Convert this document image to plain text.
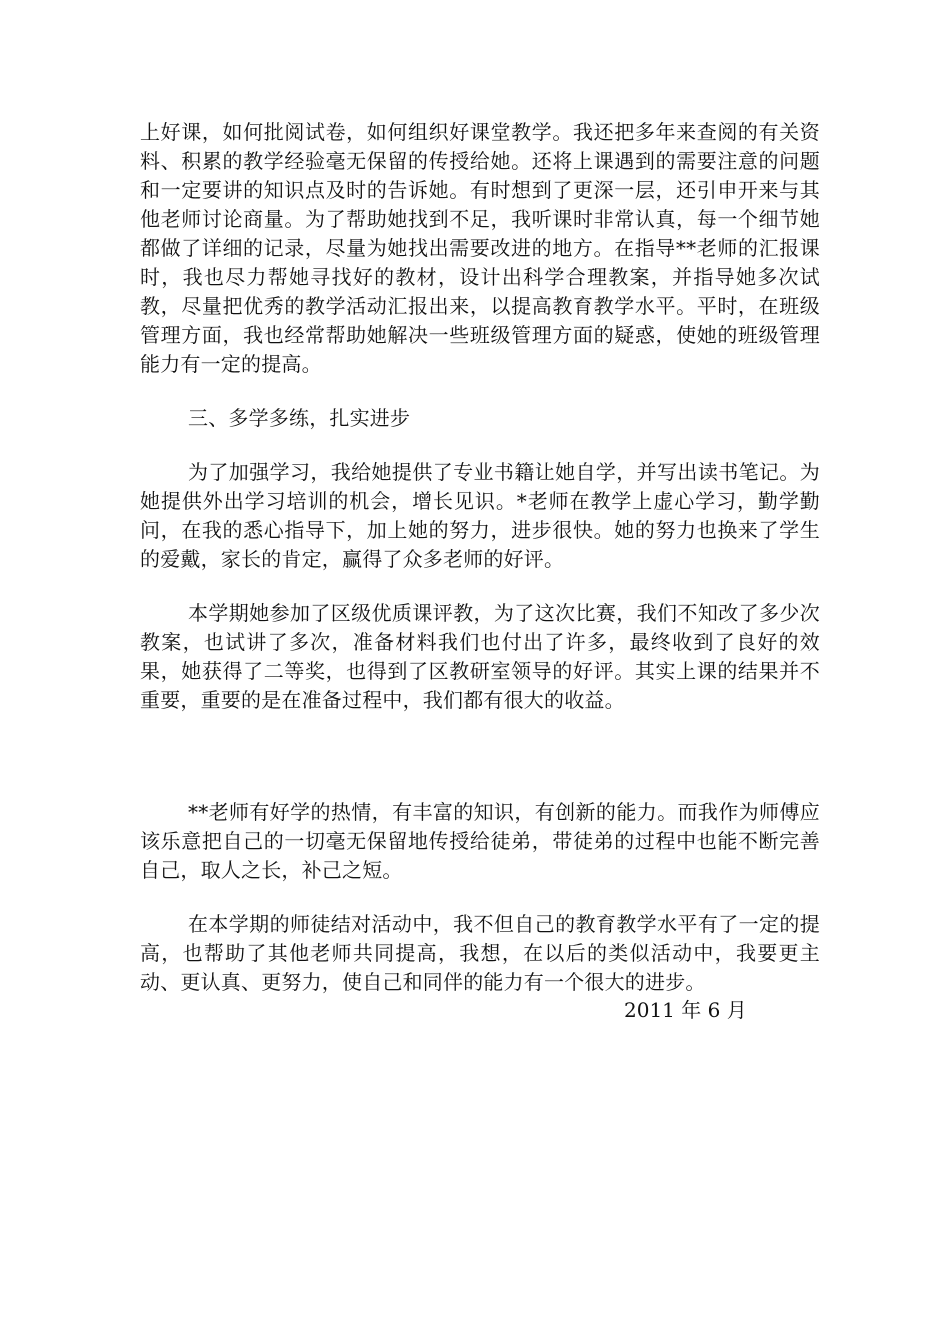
上好课，如何批阅试卷，如何组织好课堂教学。我还把多年来查阅的有关资料、积累的教学经验毫无保留的传授给她。还将上课遇到的需要注意的问题和一定要讲的知识点及时的告诉她。有时想到了更深一层，还引申开来与其他老师讨论商量。为了帮助她找到不足，我听课时非常认真，每一个细节她都做了详细的记录，尽量为她找出需要改进的地方。在指导**老师的汇报课时，我也尽力帮她寻找好的教材，设计出科学合理教案，并指导她多次试教，尽量把优秀的教学活动汇报出来，以提高教育教学水平。平时，在班级管理方面，我也经常帮助她解决一些班级管理方面的疑惑，使她的班级管理能力有一定的提高。

三、多学多练，扎实进步

为了加强学习，我给她提供了专业书籍让她自学，并写出读书笔记。为她提供外出学习培训的机会，增长见识。*老师在教学上虚心学习，勤学勤问，在我的悉心指导下，加上她的努力，进步很快。她的努力也换来了学生的爱戴，家长的肯定，赢得了众多老师的好评。

本学期她参加了区级优质课评教，为了这次比赛，我们不知改了多少次教案，也试讲了多次，准备材料我们也付出了许多，最终收到了良好的效果，她获得了二等奖，也得到了区教研室领导的好评。其实上课的结果并不重要，重要的是在准备过程中，我们都有很大的收益。

**老师有好学的热情，有丰富的知识，有创新的能力。而我作为师傅应该乐意把自己的一切毫无保留地传授给徒弟，带徒弟的过程中也能不断完善自己，取人之长，补己之短。

在本学期的师徒结对活动中，我不但自己的教育教学水平有了一定的提高，也帮助了其他老师共同提高，我想，在以后的类似活动中，我要更主动、更认真、更努力，使自己和同伴的能力有一个很大的进步。

2011 年 6 月
